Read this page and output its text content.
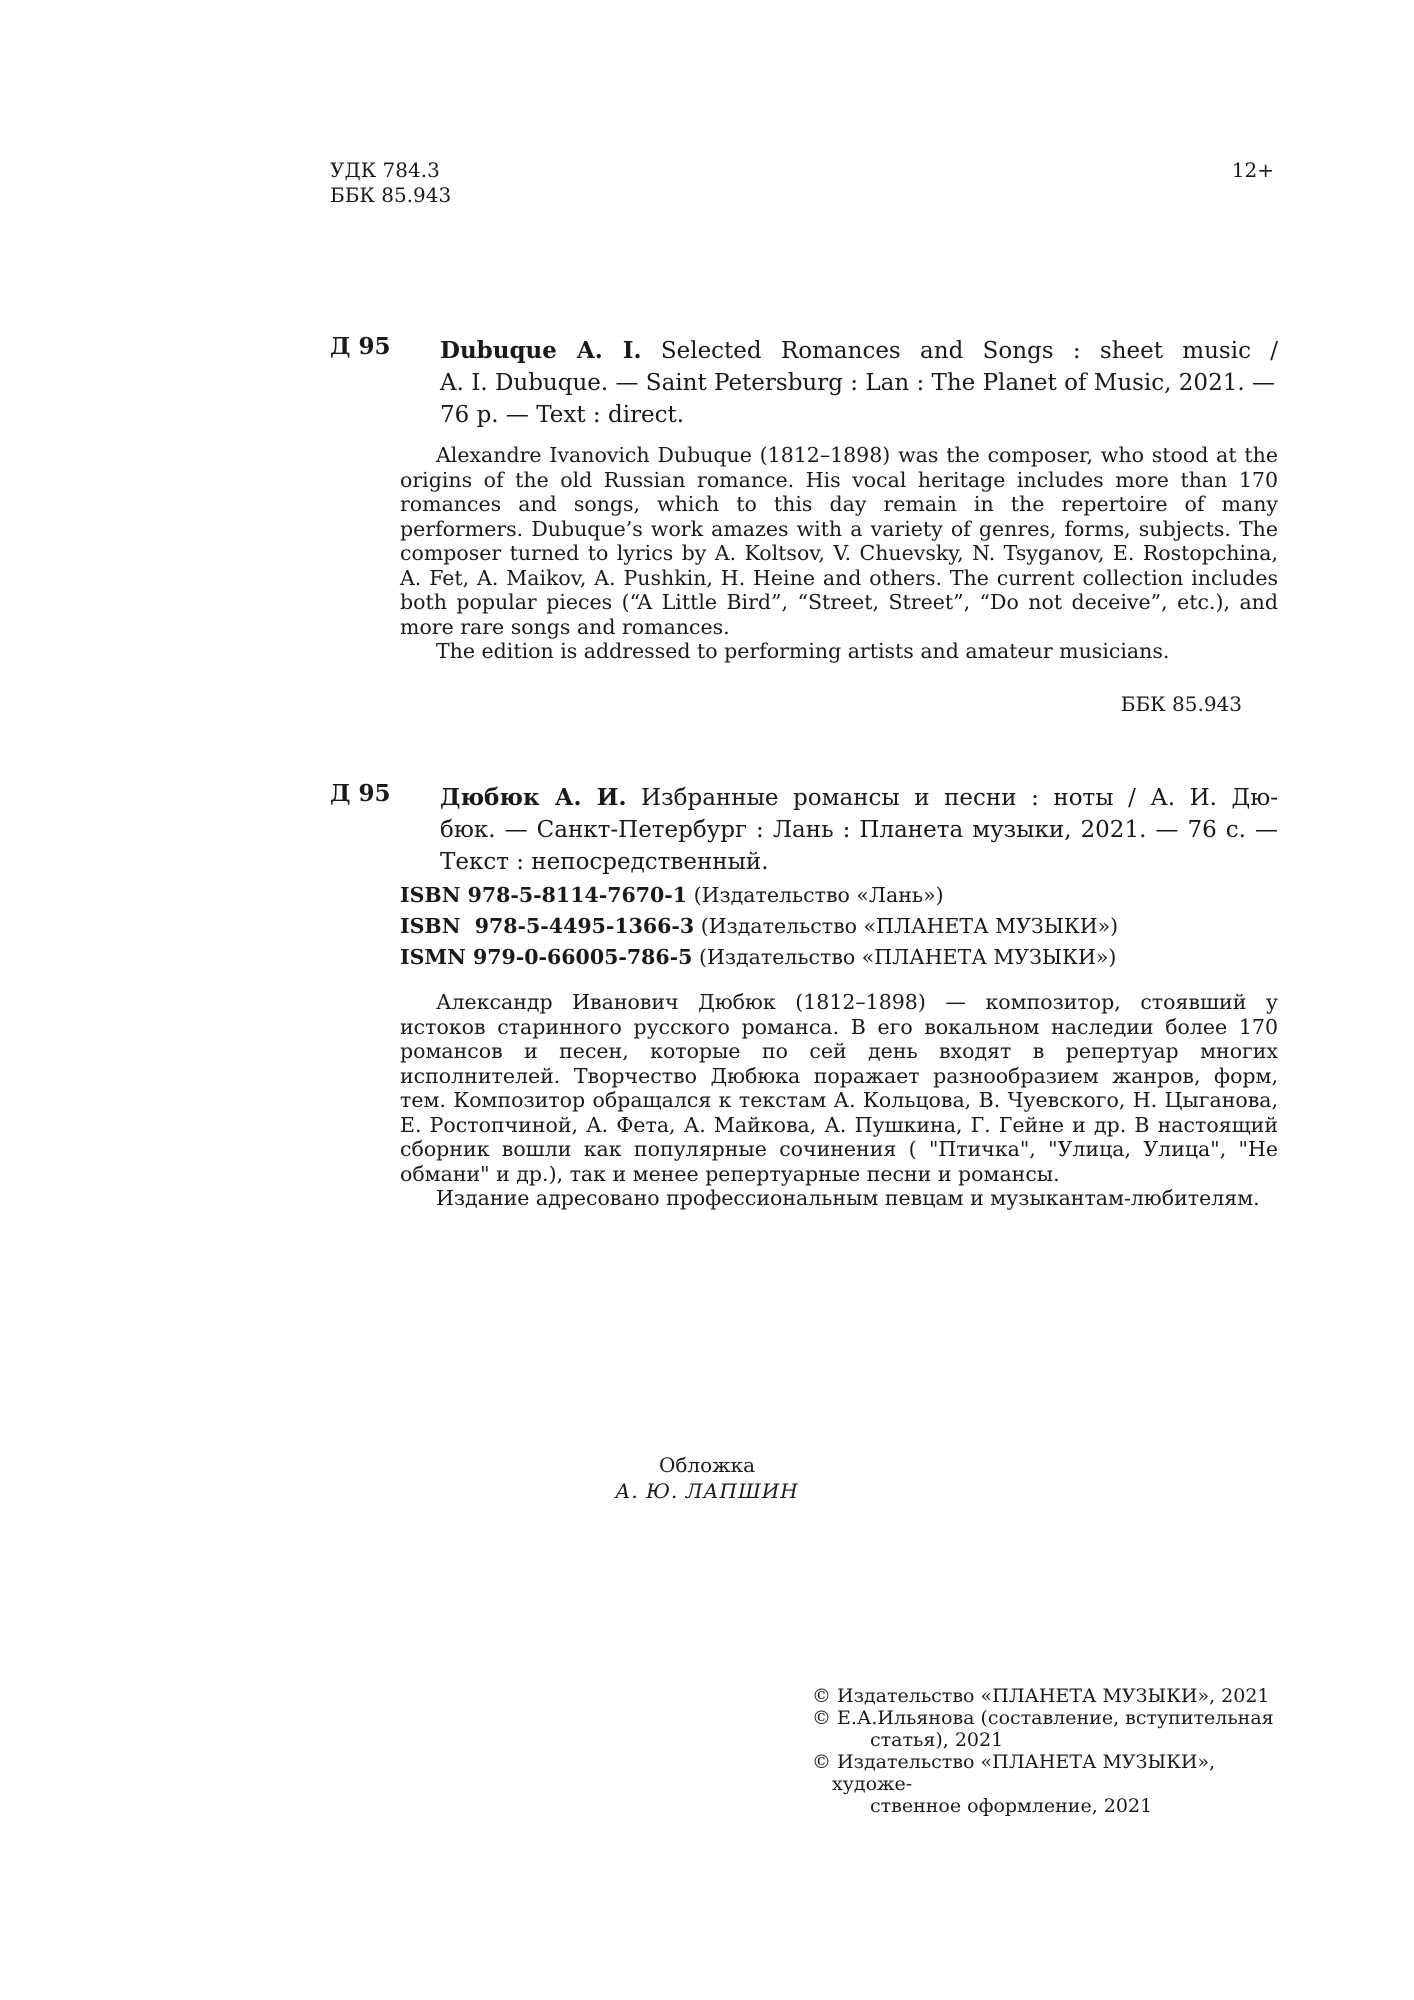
УДК 784.3
ББК 85.943
12+
Д 95 Dubuque A. I. Selected Romances and Songs : sheet music /
A. I. Dubuque. — Saint Petersburg : Lan : The Planet of Music, 2021. —
76 p. — Text : direct.

Alexandre Ivanovich Dubuque (1812–1898) was the composer, who stood at the origins of the old Russian romance. His vocal heritage includes more than 170 romances and songs, which to this day remain in the repertoire of many performers. Dubuque’s work amazes with a variety of genres, forms, subjects. The composer turned to lyrics by A. Koltsov, V. Chuevsky, N. Tsyganov, E. Rostopchina, A. Fet, A. Maikov, A. Pushkin, H. Heine and others. The current collection includes both popular pieces (“A Little Bird”, “Street, Street”, “Do not deceive”, etc.), and more rare songs and romances.

The edition is addressed to performing artists and amateur musicians.

ББК 85.943
Д 95 Дюбюк А. И. Избранные романсы и песни : ноты / А. И. Дю-
бюк. — Санкт-Петербург : Лань : Планета музыки, 2021. — 76 с. —
Текст : непосредственный.
ISBN 978-5-8114-7670-1 (Издательство «Лань»)
ISBN  978-5-4495-1366-3 (Издательство «ПЛАНЕТА МУЗЫКИ»)
ISMN 979-0-66005-786-5 (Издательство «ПЛАНЕТА МУЗЫКИ»)

Александр Иванович Дюбюк (1812–1898) — композитор, стоявший у истоков старинного русского романса. В его вокальном наследии более 170 романсов и песен, которые по сей день входят в репертуар многих исполнителей. Творчество Дюбюка поражает разнообразием жанров, форм, тем. Композитор обращался к текстам А. Кольцова, В. Чуевского, Н. Цыганова, Е. Ростопчиной, А. Фета, А. Майкова, А. Пушкина, Г. Гейне и др. В настоящий сборник вошли как популярные сочинения ( "Птичка", "Улица, Улица", "Не обмани" и др.), так и менее репертуарные песни и романсы.

Издание адресовано профессиональным певцам и музыкантам-любителям.

Обложка
А. Ю. ЛАПШИН
© Издательство «ПЛАНЕТА МУЗЫКИ», 2021
© Е.А.Ильянова (составление, вступительная
статья), 2021
© Издательство «ПЛАНЕТА МУЗЫКИ», художе-
ственное оформление, 2021
